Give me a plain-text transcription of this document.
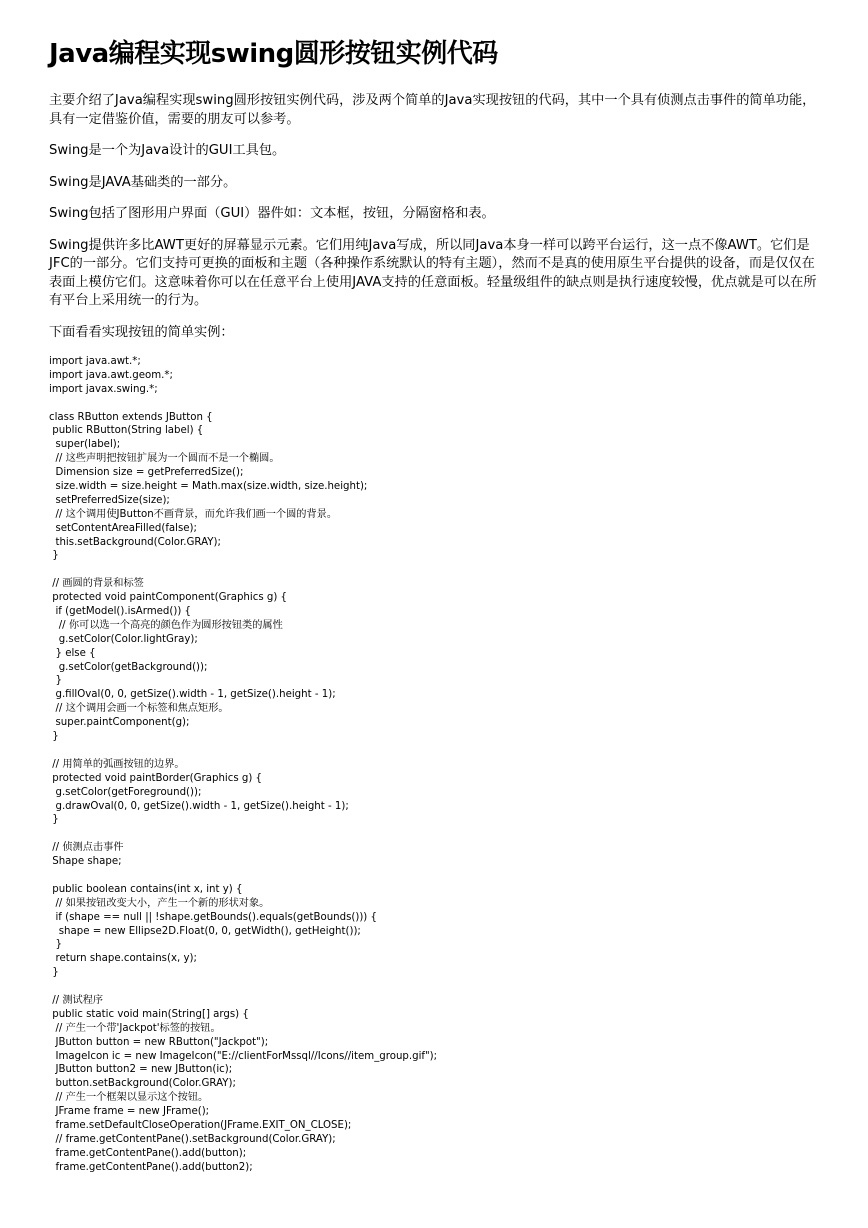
Java编程实现swing圆形按钮实例代码

主要介绍了Java编程实现swing圆形按钮实例代码，涉及两个简单的Java实现按钮的代码，其中一个具有侦测点击事件的简单功能，具有一定借鉴价值，需要的朋友可以参考。

Swing是一个为Java设计的GUI工具包。

Swing是JAVA基础类的一部分。

Swing包括了图形用户界面（GUI）器件如：文本框，按钮，分隔窗格和表。

Swing提供许多比AWT更好的屏幕显示元素。它们用纯Java写成，所以同Java本身一样可以跨平台运行，这一点不像AWT。它们是JFC的一部分。它们支持可更换的面板和主题（各种操作系统默认的特有主题），然而不是真的使用原生平台提供的设备，而是仅仅在表面上模仿它们。这意味着你可以在任意平台上使用JAVA支持的任意面板。轻量级组件的缺点则是执行速度较慢，优点就是可以在所有平台上采用统一的行为。

下面看看实现按钮的简单实例：

import java.awt.*;
import java.awt.geom.*;
import javax.swing.*;
class RButton extends JButton {
public RButton(String label) {
super(label);
// 这些声明把按钮扩展为一个圆而不是一个椭圆。
Dimension size = getPreferredSize();
size.width = size.height = Math.max(size.width, size.height);
setPreferredSize(size);
// 这个调用使JButton不画背景，而允许我们画一个圆的背景。
setContentAreaFilled(false);
this.setBackground(Color.GRAY);
}
// 画圆的背景和标签
protected void paintComponent(Graphics g) {
if (getModel().isArmed()) {
// 你可以选一个高亮的颜色作为圆形按钮类的属性
g.setColor(Color.lightGray);
} else {
g.setColor(getBackground());
}
g.fillOval(0, 0, getSize().width - 1, getSize().height - 1);
// 这个调用会画一个标签和焦点矩形。
super.paintComponent(g);
}
// 用简单的弧画按钮的边界。
protected void paintBorder(Graphics g) {
g.setColor(getForeground());
g.drawOval(0, 0, getSize().width - 1, getSize().height - 1);
}
// 侦测点击事件
Shape shape;
public boolean contains(int x, int y) {
// 如果按钮改变大小，产生一个新的形状对象。
if (shape == null || !shape.getBounds().equals(getBounds())) {
shape = new Ellipse2D.Float(0, 0, getWidth(), getHeight());
}
return shape.contains(x, y);
}
// 测试程序
public static void main(String[] args) {
// 产生一个带'Jackpot'标签的按钮。
JButton button = new RButton("Jackpot");
ImageIcon ic = new ImageIcon("E://clientForMssql//Icons//item_group.gif");
JButton button2 = new JButton(ic);
button.setBackground(Color.GRAY);
// 产生一个框架以显示这个按钮。
JFrame frame = new JFrame();
frame.setDefaultCloseOperation(JFrame.EXIT_ON_CLOSE);
// frame.getContentPane().setBackground(Color.GRAY);
frame.getContentPane().add(button);
frame.getContentPane().add(button2);
